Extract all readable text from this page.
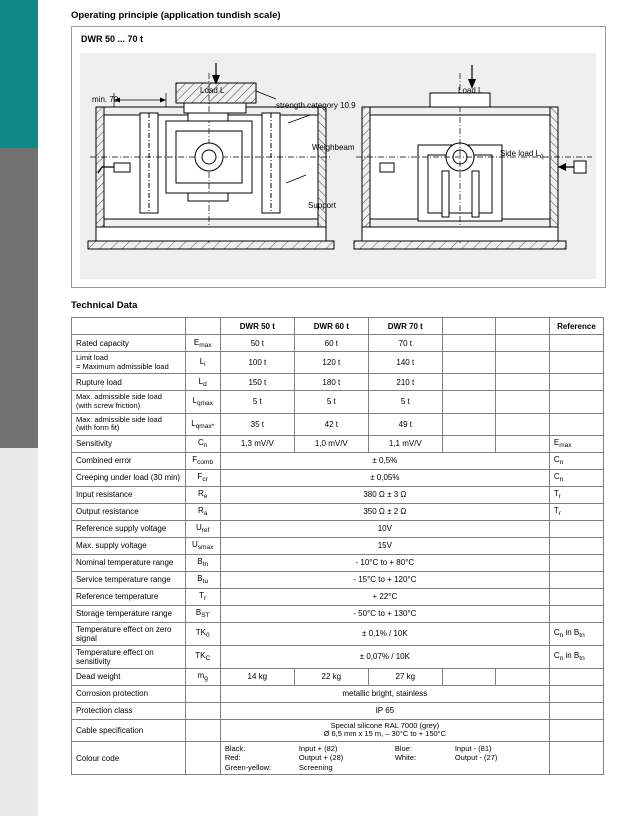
Operating principle (application tundish scale)
DWR 50 ... 70 t
min. 70
Load L
strength category 10.9
Weighbeam
Support
Load L
Side load $L_q$
Technical Data
		DWR 50 t	DWR 60 t	DWR 70 t			Reference
Rated capacity	$E_{max}$	50 t	60 t	70 t			
Limit load
= Maximum admissible load	$L_i$	100 t	120 t	140 t			
Rupture load	$L_d$	150 t	180 t	210 t			
Max. admissible side load
(with screw friction)	$L_{qmax}$	5 t	5 t	5 t			
Max. admissible side load
(with form fit)	$L_{qmax*}$	35 t	42 t	49 t			
Sensitivity	$C_n$	1,3 mV/V	1,0 mV/V	1,1 mV/V			$E_{max}$
Combined error	$F_{comb}$	± 0,5%					$C_n$
Creeping under load (30 min)	$F_{cr}$	± 0,05%					$C_n$
Input resistance	$R_e$	380 Ω ± 3 Ω					$T_r$
Output resistance	$R_a$	350 Ω ± 2 Ω					$T_r$
Reference supply voltage	$U_{ref}$	10V					
Max. supply voltage	$U_{smax}$	15V					
Nominal temperature range	$B_{tn}$	- 10°C to + 80°C					
Service temperature range	$B_{tu}$	- 15°C to + 120°C					
Reference temperature	$T_r$	+ 22°C					
Storage temperature range	$B_{ST}$	- 50°C to + 130°C					
Temperature effect on zero signal	$TK_0$	± 0,1% / 10K					$C_n$ in $B_{tn}$
Temperature effect on sensitivity	$TK_C$	± 0,07% / 10K					$C_n$ in $B_{tn}$
Dead weight	$m_g$	14 kg	22 kg	27 kg			
Corrosion protection		metallic bright, stainless					
Protection class		IP 65					
Cable specification		Special silicone RAL 7000 (grey)
Ø 6,5 mm x 15 m, – 30°C to + 150°C					
Colour code		
Black:	Input + (82)	Blue:	Input - (81)
Red:	Output + (28)	White:	Output - (27)
Green-yellow:	Screening
